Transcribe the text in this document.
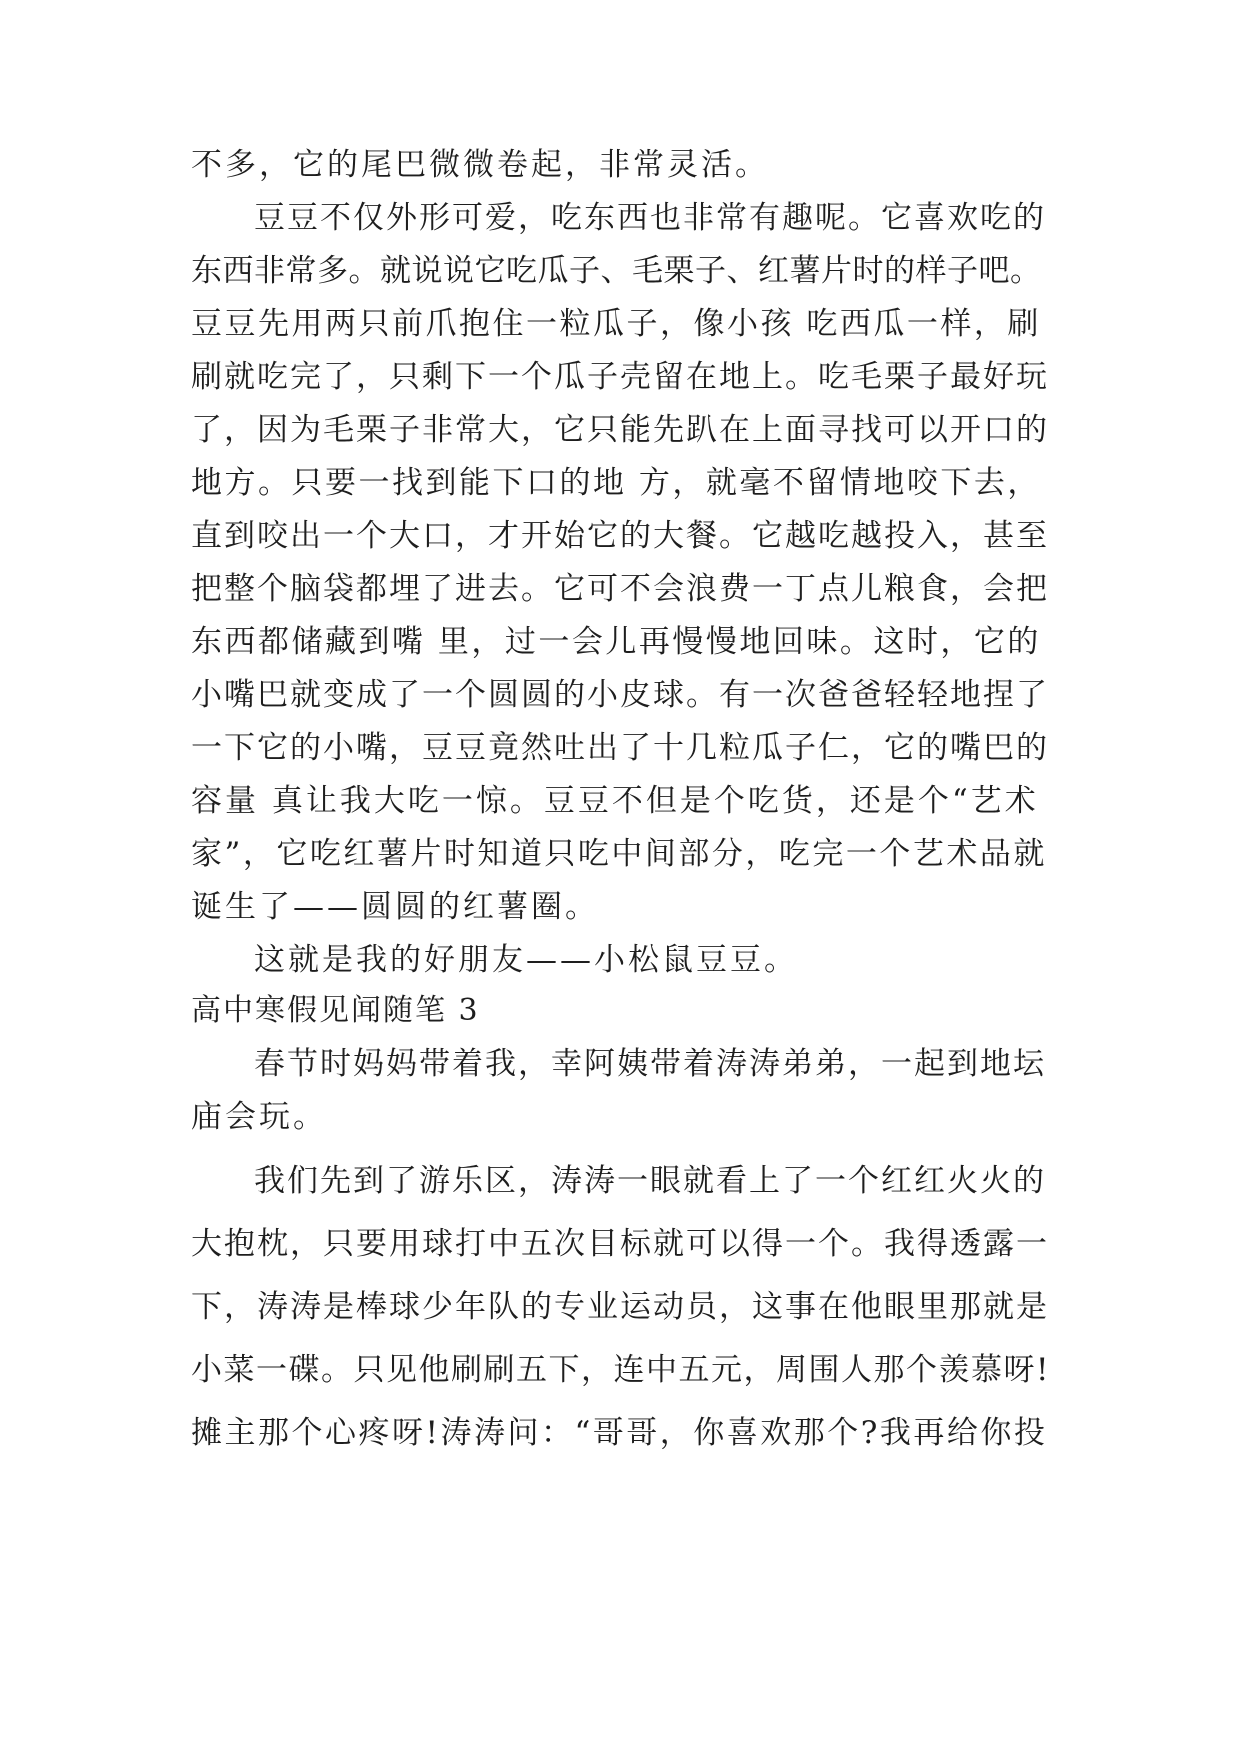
不多，它的尾巴微微卷起，非常灵活。
豆豆不仅外形可爱，吃东西也非常有趣呢。它喜欢吃的
东西非常多。就说说它吃瓜子、毛栗子、红薯片时的样子吧。
豆豆先用两只前爪抱住一粒瓜子，像小孩 吃西瓜一样，刷
刷就吃完了，只剩下一个瓜子壳留在地上。吃毛栗子最好玩
了，因为毛栗子非常大，它只能先趴在上面寻找可以开口的
地方。只要一找到能下口的地 方，就毫不留情地咬下去，
直到咬出一个大口，才开始它的大餐。它越吃越投入，甚至
把整个脑袋都埋了进去。它可不会浪费一丁点儿粮食，会把
东西都储藏到嘴 里，过一会儿再慢慢地回味。这时，它的
小嘴巴就变成了一个圆圆的小皮球。有一次爸爸轻轻地捏了
一下它的小嘴，豆豆竟然吐出了十几粒瓜子仁，它的嘴巴的
容量 真让我大吃一惊。豆豆不但是个吃货，还是个“艺术
家”，它吃红薯片时知道只吃中间部分，吃完一个艺术品就
诞生了——圆圆的红薯圈。
这就是我的好朋友——小松鼠豆豆。
高中寒假见闻随笔 3
春节时妈妈带着我，幸阿姨带着涛涛弟弟，一起到地坛
庙会玩。
我们先到了游乐区，涛涛一眼就看上了一个红红火火的
大抱枕，只要用球打中五次目标就可以得一个。我得透露一
下，涛涛是棒球少年队的专业运动员，这事在他眼里那就是
小菜一碟。只见他刷刷五下，连中五元，周围人那个羡慕呀!
摊主那个心疼呀!涛涛问：“哥哥，你喜欢那个?我再给你投
